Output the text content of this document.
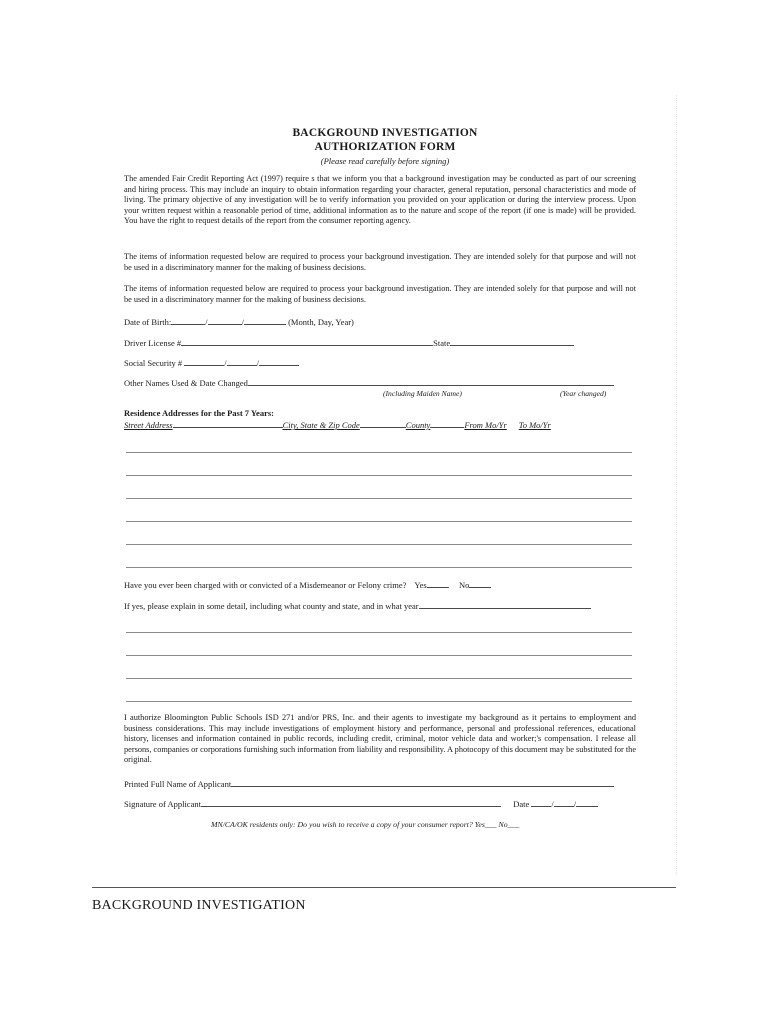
BACKGROUND INVESTIGATION
AUTHORIZATION FORM
(Please read carefully before signing)
The amended Fair Credit Reporting Act (1997) require s that we inform you that a background investigation may be conducted as part of our screening and hiring process. This may include an inquiry to obtain information regarding your character, general reputation, personal characteristics and mode of living. The primary objective of any investigation will be to verify information you provided on your application or during the interview process. Upon your written request within a reasonable period of time, additional information as to the nature and scope of the report (if one is made) will be provided. You have the right to request details of the report from the consumer reporting agency.
The items of information requested below are required to process your background investigation. They are intended solely for that purpose and will not be used in a discriminatory manner for the making of business decisions.
The items of information requested below are required to process your background investigation. They are intended solely for that purpose and will not be used in a discriminatory manner for the making of business decisions.
Date of Birth:	/	/	(Month, Day, Year)
Driver License #	State
Social Security #	/	/
Other Names Used & Date Changed
(Including Maiden Name)	(Year changed)
Residence Addresses for the Past 7 Years:
Street Address	City, State & Zip Code	County	From Mo/Yr To Mo/Yr
Have you ever been charged with or convicted of a Misdemeanor or Felony crime? Yes	No
If yes, please explain in some detail, including what county and state, and in what year
I authorize Bloomington Public Schools ISD 271 and/or PRS, Inc. and their agents to investigate my background as it pertains to employment and business considerations. This may include investigations of employment history and performance, personal and professional references, educational history, licenses and information contained in public records, including credit, criminal, motor vehicle data and worker;'s compensation. I release all persons, companies or corporations furnishing such information from liability and responsibility. A photocopy of this document may be substituted for the original.
Printed Full Name of Applicant
Signature of Applicant	Date	/ /
MN/CA/OK residents only: Do you wish to receive a copy of your consumer report? Yes___ No___
BACKGROUND INVESTIGATION
